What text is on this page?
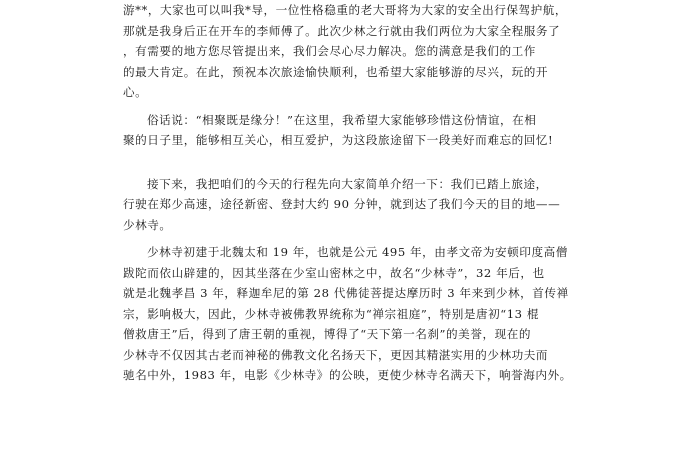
游**，大家也可以叫我*导，一位性格稳重的老大哥将为大家的安全出行保驾护航，
那就是我身后正在开车的李师傅了。此次少林之行就由我们两位为大家全程服务了
，有需要的地方您尽管提出来，我们会尽心尽力解决。您的满意是我们的工作
的最大肯定。在此，预祝本次旅途愉快顺利，也希望大家能够游的尽兴，玩的开
心。
俗话说：“相聚既是缘分！”在这里，我希望大家能够珍惜这份情谊，在相
聚的日子里，能够相互关心，相互爱护，为这段旅途留下一段美好而难忘的回忆!
接下来，我把咱们的今天的行程先向大家简单介绍一下：我们已踏上旅途，
行驶在郑少高速，途径新密、登封大约 90 分钟，就到达了我们今天的目的地——
少林寺。
少林寺初建于北魏太和 19 年，也就是公元 495 年，由孝文帝为安顿印度高僧
跋陀而依山辟建的，因其坐落在少室山密林之中，故名“少林寺”，32 年后，也
就是北魏孝昌 3 年，释迦牟尼的第 28 代佛徒菩提达摩历时 3 年来到少林，首传禅
宗，影响极大，因此，少林寺被佛教界统称为“禅宗祖庭”，特别是唐初“13 棍
僧救唐王”后，得到了唐王朝的重视，博得了“天下第一名刹”的美誉，现在的
少林寺不仅因其古老而神秘的佛教文化名扬天下，更因其精湛实用的少林功夫而
驰名中外，1983 年，电影《少林寺》的公映，更使少林寺名满天下，响誉海内外。
